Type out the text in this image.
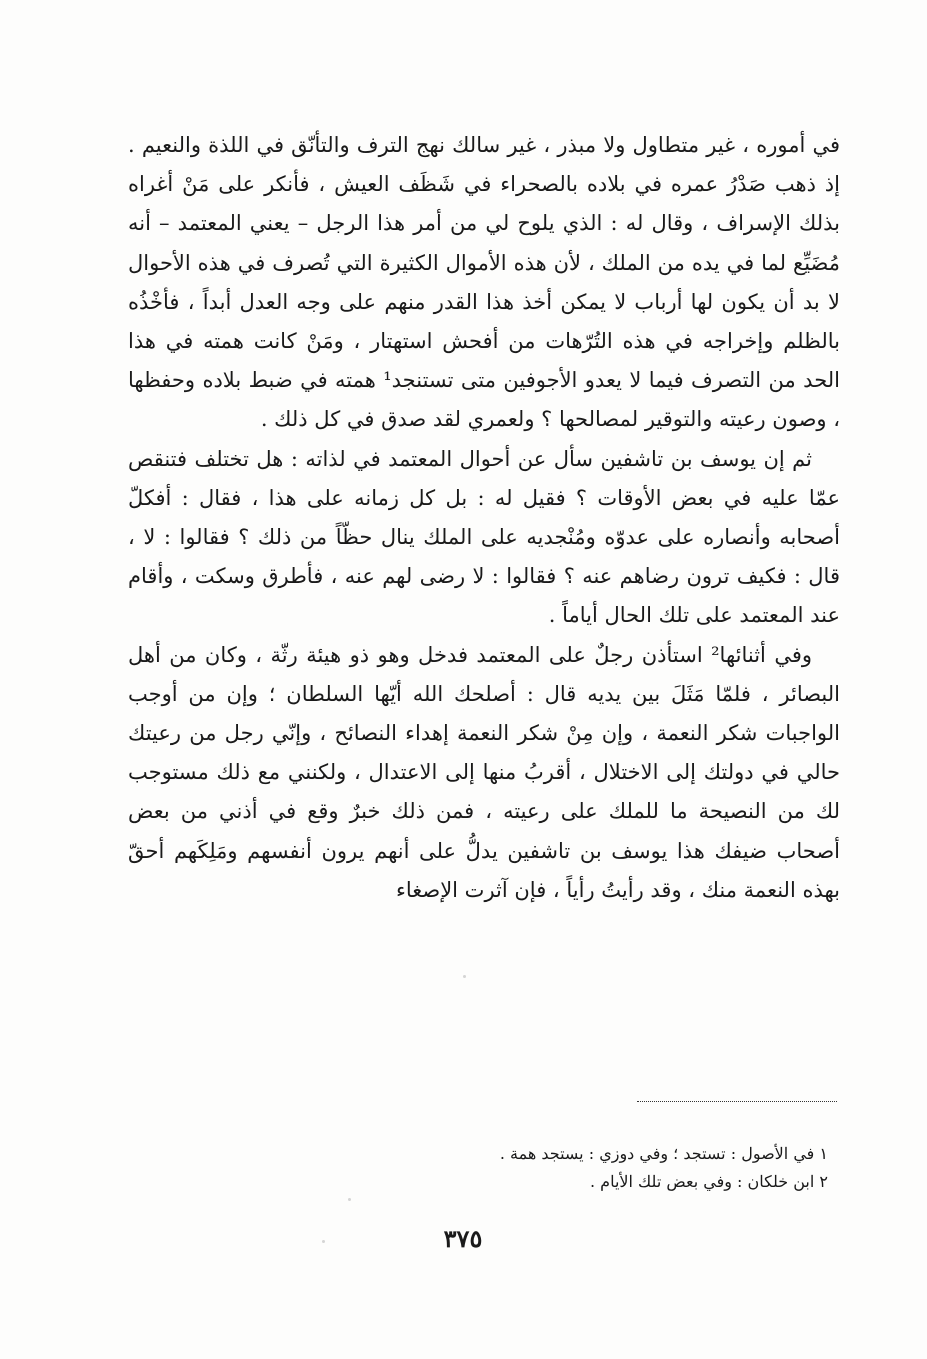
في أموره ، غير متطاول ولا مبذر ، غير سالك نهج الترف والتأنّق في اللذة والنعيم . إذ ذهب صَدْرُ عمره في بلاده بالصحراء في شَظَف العيش ، فأنكر على مَنْ أغراه بذلك الإسراف ، وقال له : الذي يلوح لي من أمر هذا الرجل – يعني المعتمد – أنه مُضَيِّع لما في يده من الملك ، لأن هذه الأموال الكثيرة التي تُصرف في هذه الأحوال لا بد أن يكون لها أرباب لا يمكن أخذ هذا القدر منهم على وجه العدل أبداً ، فأخْذُه بالظلم وإخراجه في هذه التُرّهات من أفحش استهتار ، ومَنْ كانت همته في هذا الحد من التصرف فيما لا يعدو الأجوفين متى تستنجد¹ همته في ضبط بلاده وحفظها ، وصون رعيته والتوقير لمصالحها ؟ ولعمري لقد صدق في كل ذلك .

ثم إن يوسف بن تاشفين سأل عن أحوال المعتمد في لذاته : هل تختلف فتنقص عمّا عليه في بعض الأوقات ؟ فقيل له : بل كل زمانه على هذا ، فقال : أفكلّ أصحابه وأنصاره على عدوّه ومُنْجديه على الملك ينال حظّاً من ذلك ؟ فقالوا : لا ، قال : فكيف ترون رضاهم عنه ؟ فقالوا : لا رضى لهم عنه ، فأطرق وسكت ، وأقام عند المعتمد على تلك الحال أياماً .

وفي أثنائها² استأذن رجلٌ على المعتمد فدخل وهو ذو هيئة رثّة ، وكان من أهل البصائر ، فلمّا مَثَلَ بين يديه قال : أصلحك الله أيّها السلطان ؛ وإن من أوجب الواجبات شكر النعمة ، وإن مِنْ شكر النعمة إهداء النصائح ، وإنّي رجل من رعيتك حالي في دولتك إلى الاختلال ، أقربُ منها إلى الاعتدال ، ولكنني مع ذلك مستوجب لك من النصيحة ما للملك على رعيته ، فمن ذلك خبرٌ وقع في أذني من بعض أصحاب ضيفك هذا يوسف بن تاشفين يدلُّ على أنهم يرون أنفسهم ومَلِكَهم أحقّ بهذه النعمة منك ، وقد رأيتُ رأياً ، فإن آثرت الإصغاء

١ في الأصول : تستجد ؛ وفي دوزي : يستجد همة .

٢ ابن خلكان : وفي بعض تلك الأيام .

٣٧٥
